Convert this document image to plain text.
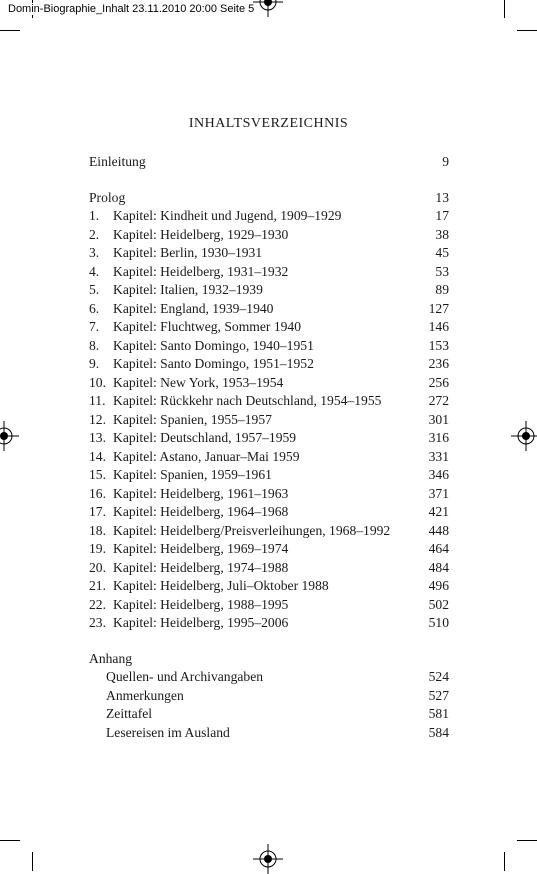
Domin-Biographie_Inhalt 23.11.2010 20:00 Seite 5
INHALTSVERZEICHNIS
Einleitung	9
Prolog	13
1. Kapitel: Kindheit und Jugend, 1909–1929	17
2. Kapitel: Heidelberg, 1929–1930	38
3. Kapitel: Berlin, 1930–1931	45
4. Kapitel: Heidelberg, 1931–1932	53
5. Kapitel: Italien, 1932–1939	89
6. Kapitel: England, 1939–1940	127
7. Kapitel: Fluchtweg, Sommer 1940	146
8. Kapitel: Santo Domingo, 1940–1951	153
9. Kapitel: Santo Domingo, 1951–1952	236
10. Kapitel: New York, 1953–1954	256
11. Kapitel: Rückkehr nach Deutschland, 1954–1955	272
12. Kapitel: Spanien, 1955–1957	301
13. Kapitel: Deutschland, 1957–1959	316
14. Kapitel: Astano, Januar–Mai 1959	331
15. Kapitel: Spanien, 1959–1961	346
16. Kapitel: Heidelberg, 1961–1963	371
17. Kapitel: Heidelberg, 1964–1968	421
18. Kapitel: Heidelberg/Preisverleihungen, 1968–1992	448
19. Kapitel: Heidelberg, 1969–1974	464
20. Kapitel: Heidelberg, 1974–1988	484
21. Kapitel: Heidelberg, Juli–Oktober 1988	496
22. Kapitel: Heidelberg, 1988–1995	502
23. Kapitel: Heidelberg, 1995–2006	510
Anhang
Quellen- und Archivangaben	524
Anmerkungen	527
Zeittafel	581
Lesereisen im Ausland	584
